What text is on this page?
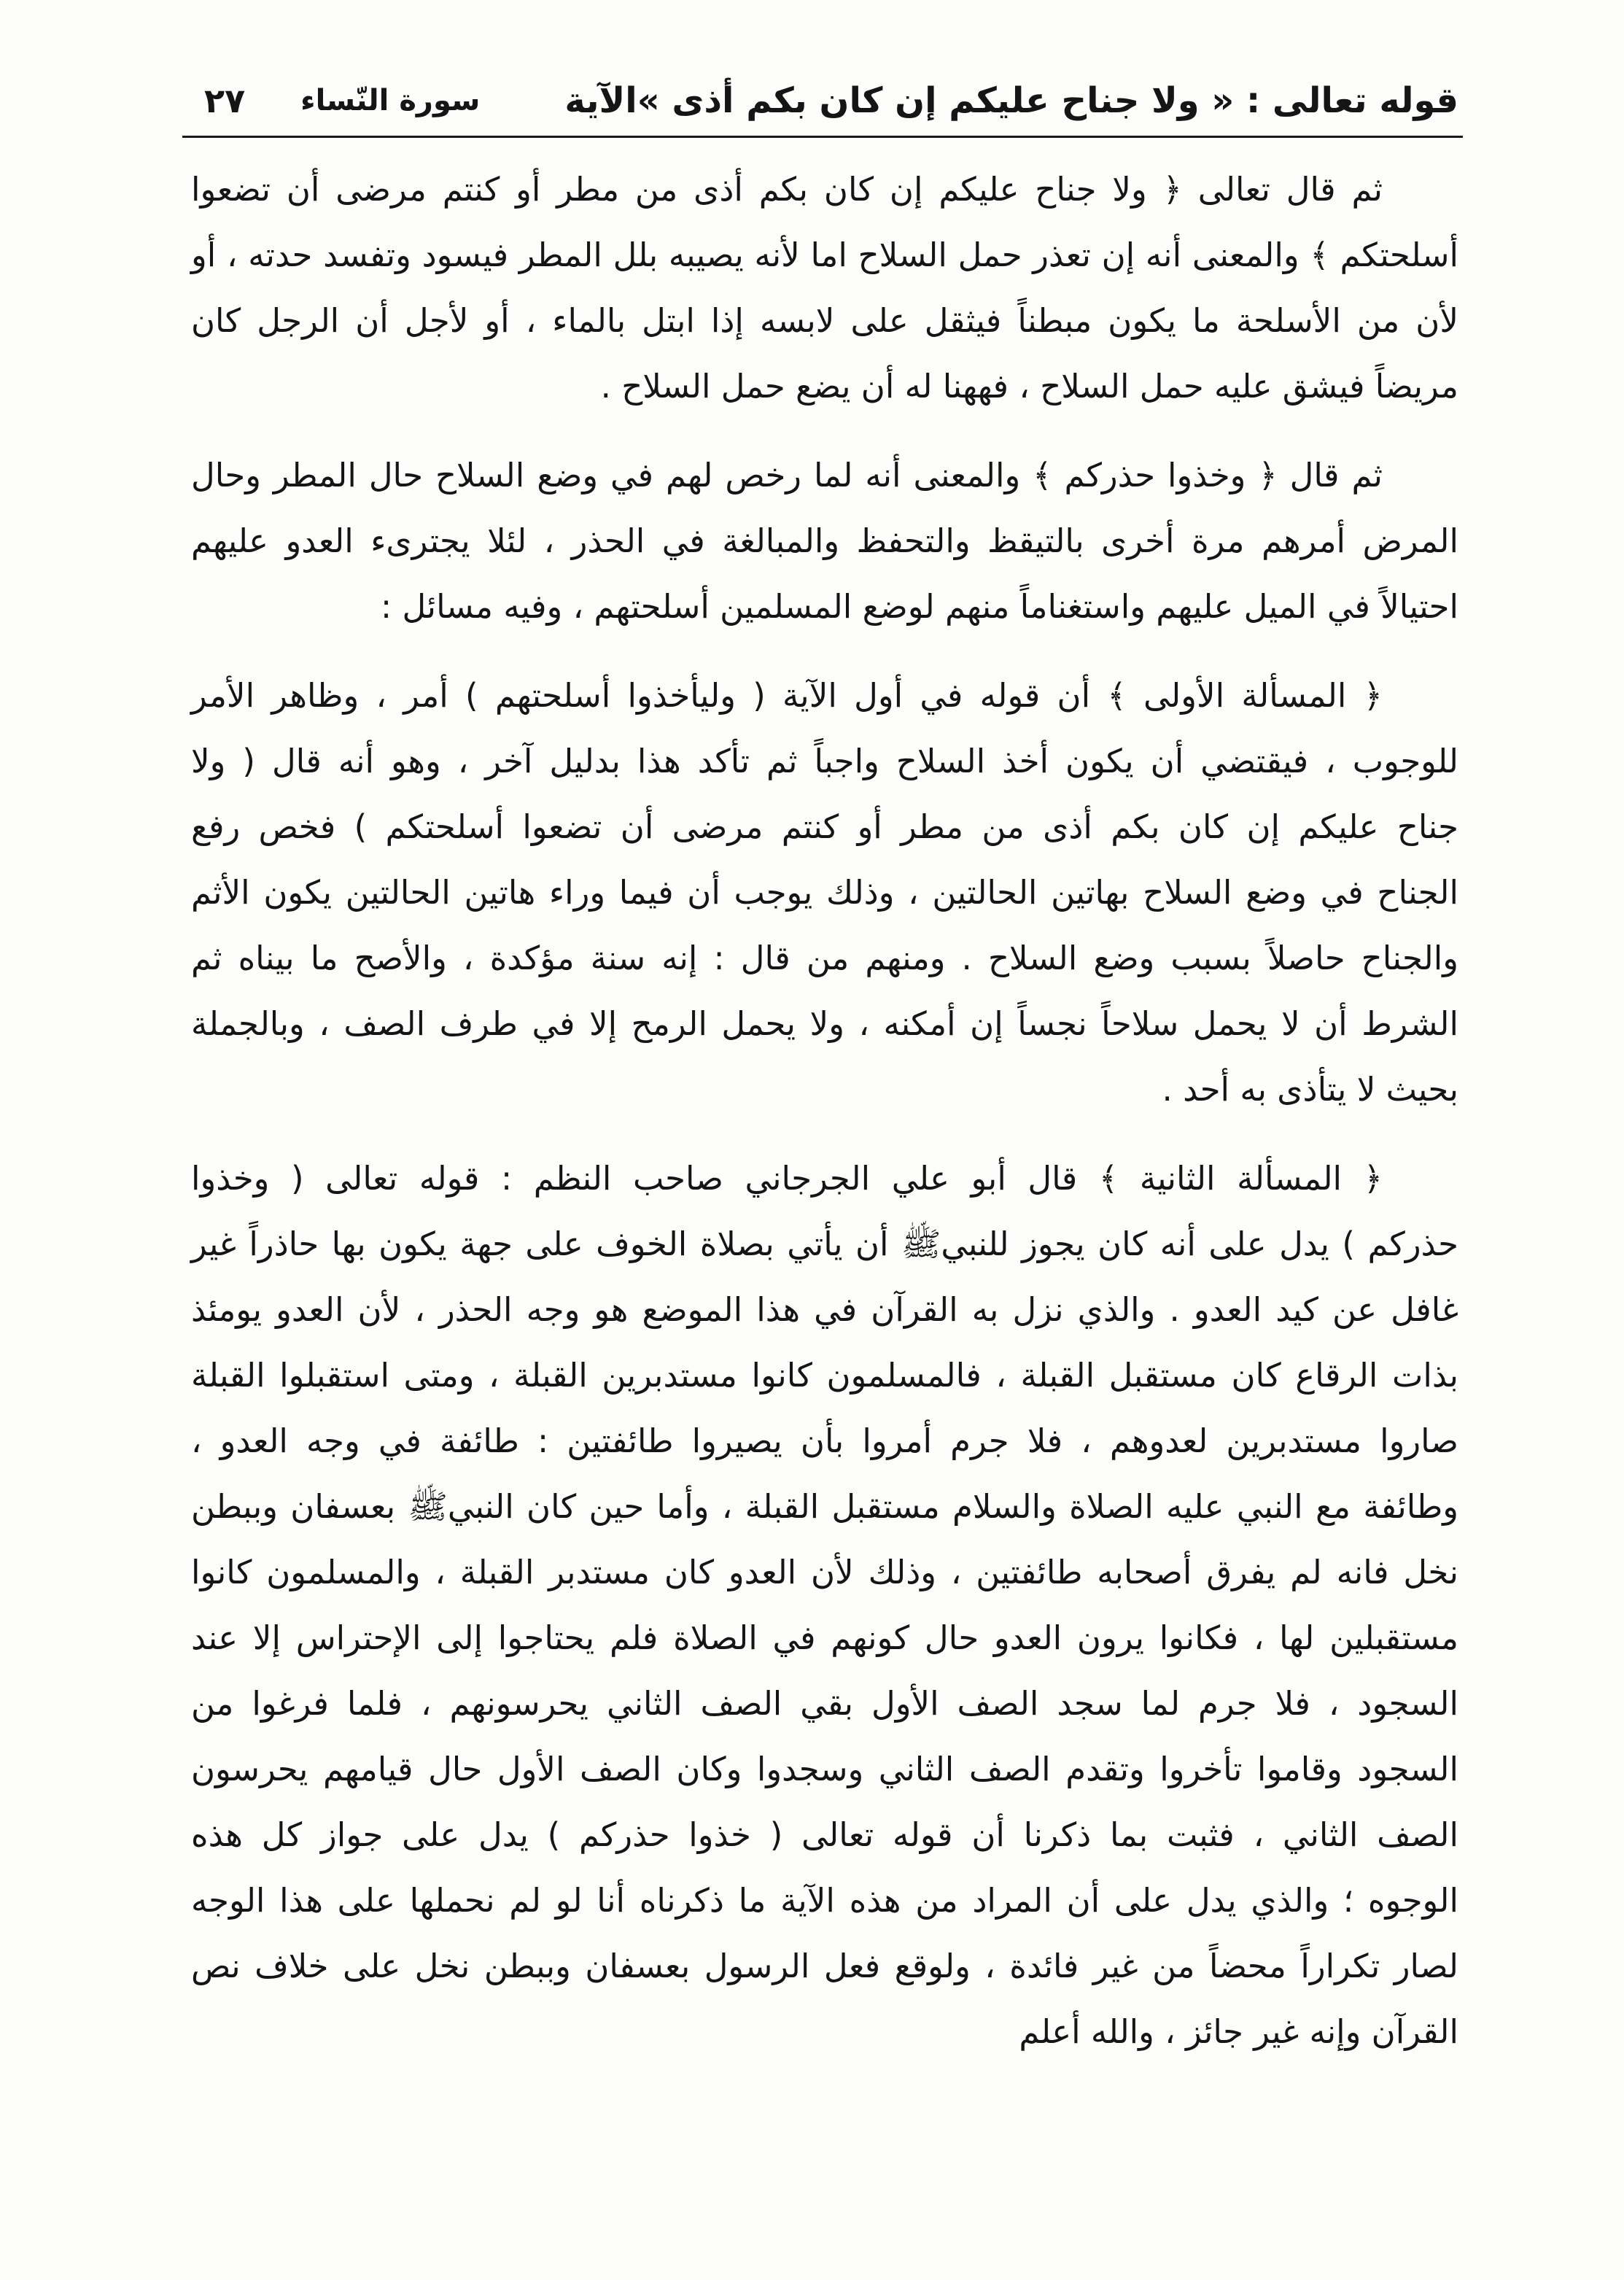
قوله تعالى : « ولا جناح عليكم إن كان بكم أذى »الآية
سورة النّساء
٢٧
ثم قال تعالى ﴿ ولا جناح عليكم إن كان بكم أذى من مطر أو كنتم مرضى أن تضعوا
أسلحتكم ﴾ والمعنى أنه إن تعذر حمل السلاح اما لأنه يصيبه بلل المطر فيسود وتفسد حدته ، أو
لأن من الأسلحة ما يكون مبطناً فيثقل على لابسه إذا ابتل بالماء ، أو لأجل أن الرجل كان
مريضاً فيشق عليه حمل السلاح ، فههنا له أن يضع حمل السلاح .
ثم قال ﴿ وخذوا حذركم ﴾ والمعنى أنه لما رخص لهم في وضع السلاح حال المطر وحال
المرض أمرهم مرة أخرى بالتيقظ والتحفظ والمبالغة في الحذر ، لئلا يجترىء العدو عليهم
احتيالاً في الميل عليهم واستغناماً منهم لوضع المسلمين أسلحتهم ، وفيه مسائل :
﴿ المسألة الأولى ﴾ أن قوله في أول الآية ( وليأخذوا أسلحتهم ) أمر ، وظاهر الأمر
للوجوب ، فيقتضي أن يكون أخذ السلاح واجباً ثم تأكد هذا بدليل آخر ، وهو أنه قال ( ولا
جناح عليكم إن كان بكم أذى من مطر أو كنتم مرضى أن تضعوا أسلحتكم ) فخص رفع
الجناح في وضع السلاح بهاتين الحالتين ، وذلك يوجب أن فيما وراء هاتين الحالتين يكون الأثم
والجناح حاصلاً بسبب وضع السلاح . ومنهم من قال : إنه سنة مؤكدة ، والأصح ما بيناه ثم
الشرط أن لا يحمل سلاحاً نجساً إن أمكنه ، ولا يحمل الرمح إلا في طرف الصف ، وبالجملة
بحيث لا يتأذى به أحد .
﴿ المسألة الثانية ﴾ قال أبو علي الجرجاني صاحب النظم : قوله تعالى ( وخذوا
حذركم ) يدل على أنه كان يجوز للنبيﷺ أن يأتي بصلاة الخوف على جهة يكون بها حاذراً غير
غافل عن كيد العدو . والذي نزل به القرآن في هذا الموضع هو وجه الحذر ، لأن العدو يومئذ
بذات الرقاع كان مستقبل القبلة ، فالمسلمون كانوا مستدبرين القبلة ، ومتى استقبلوا القبلة
صاروا مستدبرين لعدوهم ، فلا جرم أمروا بأن يصيروا طائفتين : طائفة في وجه العدو ،
وطائفة مع النبي عليه الصلاة والسلام مستقبل القبلة ، وأما حين كان النبيﷺ بعسفان وببطن
نخل فانه لم يفرق أصحابه طائفتين ، وذلك لأن العدو كان مستدبر القبلة ، والمسلمون كانوا
مستقبلين لها ، فكانوا يرون العدو حال كونهم في الصلاة فلم يحتاجوا إلى الإحتراس إلا عند
السجود ، فلا جرم لما سجد الصف الأول بقي الصف الثاني يحرسونهم ، فلما فرغوا من
السجود وقاموا تأخروا وتقدم الصف الثاني وسجدوا وكان الصف الأول حال قيامهم يحرسون
الصف الثاني ، فثبت بما ذكرنا أن قوله تعالى ( خذوا حذركم ) يدل على جواز كل هذه
الوجوه ؛ والذي يدل على أن المراد من هذه الآية ما ذكرناه أنا لو لم نحملها على هذا الوجه
لصار تكراراً محضاً من غير فائدة ، ولوقع فعل الرسول بعسفان وببطن نخل على خلاف نص
القرآن وإنه غير جائز ، والله أعلم
